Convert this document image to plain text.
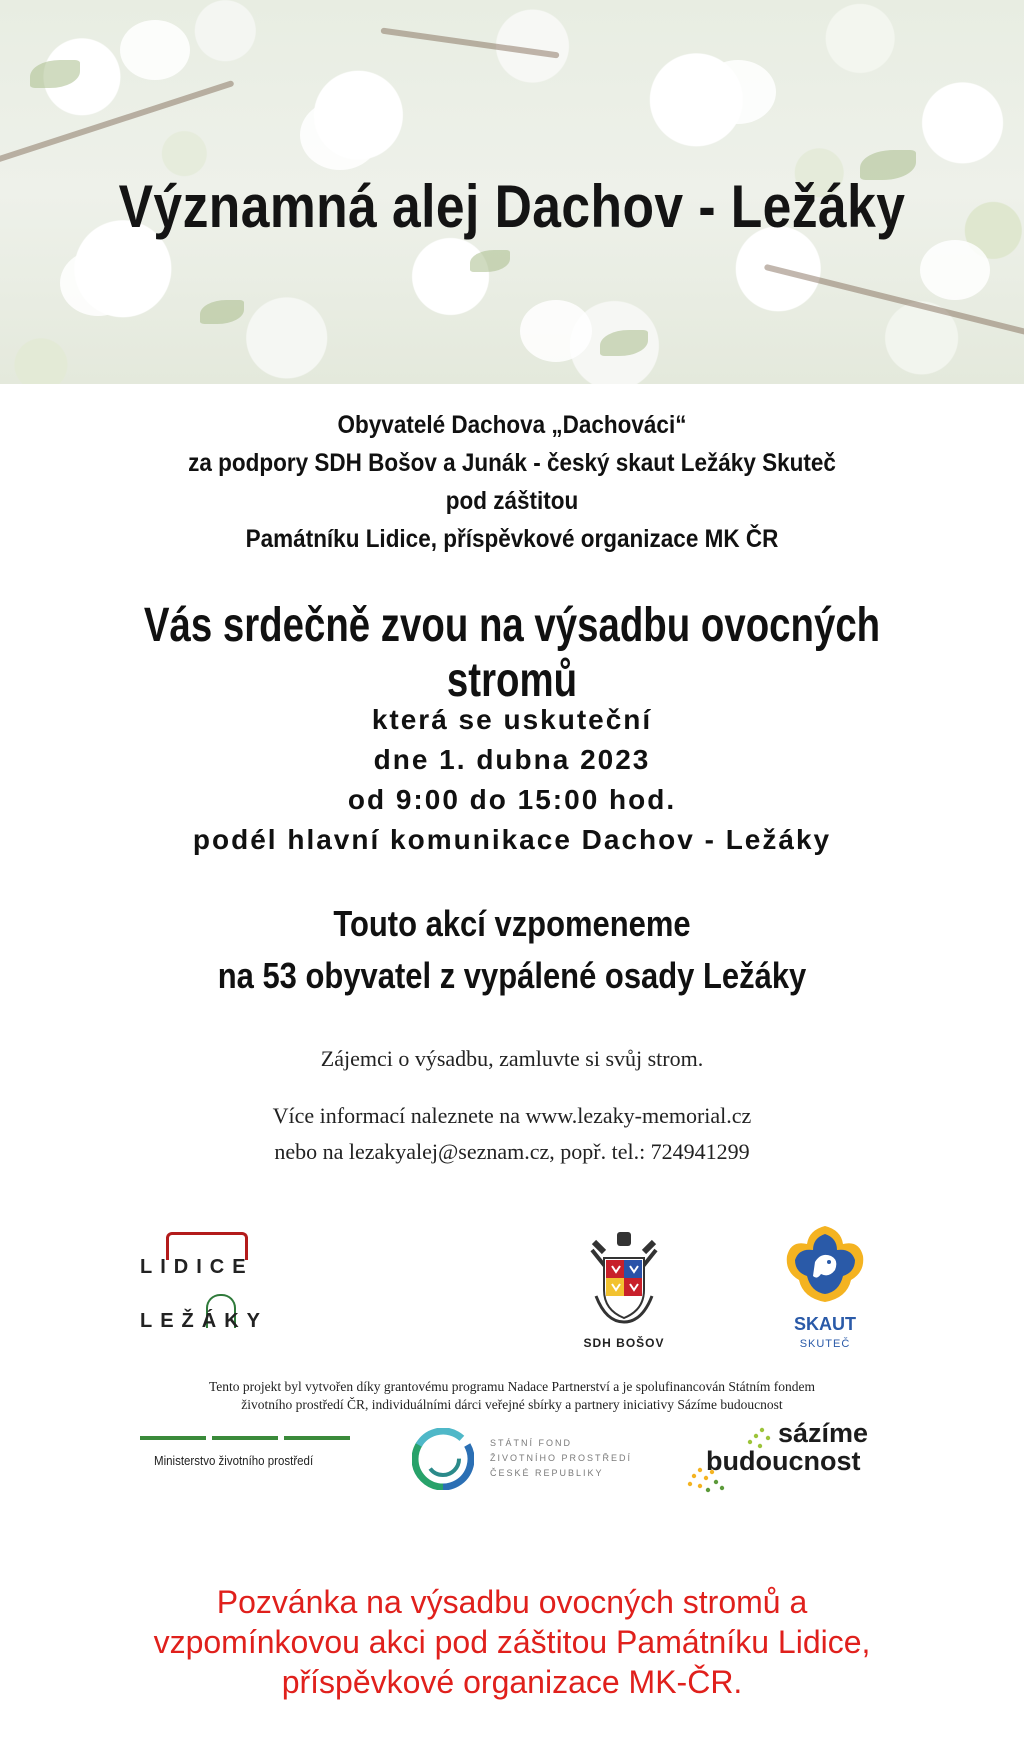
Významná alej Dachov - Ležáky
Obyvatelé Dachova „Dachováci“
za podpory SDH Bošov a Junák - český skaut Ležáky Skuteč
pod záštitou
Památníku Lidice, příspěvkové organizace MK ČR
Vás srdečně zvou na výsadbu ovocných stromů
která se uskuteční
dne 1. dubna 2023
od 9:00 do 15:00 hod.
podél hlavní komunikace Dachov - Ležáky
Touto akcí vzpomeneme
na 53 obyvatel z vypálené osady Ležáky
Zájemci o výsadbu, zamluvte si svůj strom.
Více informací naleznete na www.lezaky-memorial.cz
nebo na lezakyalej@seznam.cz, popř. tel.: 724941299
LIDICE
LEŽÁKY
SDH BOŠOV
SKAUT
SKUTEČ
Tento projekt byl vytvořen díky grantovému programu Nadace Partnerství a je spolufinancován Státním fondem
životního prostředí ČR, individuálními dárci veřejné sbírky a partnery iniciativy Sázíme budoucnost
Ministerstvo životního prostředí
STÁTNÍ FOND
ŽIVOTNÍHO PROSTŘEDÍ
ČESKÉ REPUBLIKY
sázíme
budoucnost
Pozvánka na výsadbu ovocných stromů a
vzpomínkovou akci pod záštitou Památníku Lidice,
příspěvkové organizace MK-ČR.
